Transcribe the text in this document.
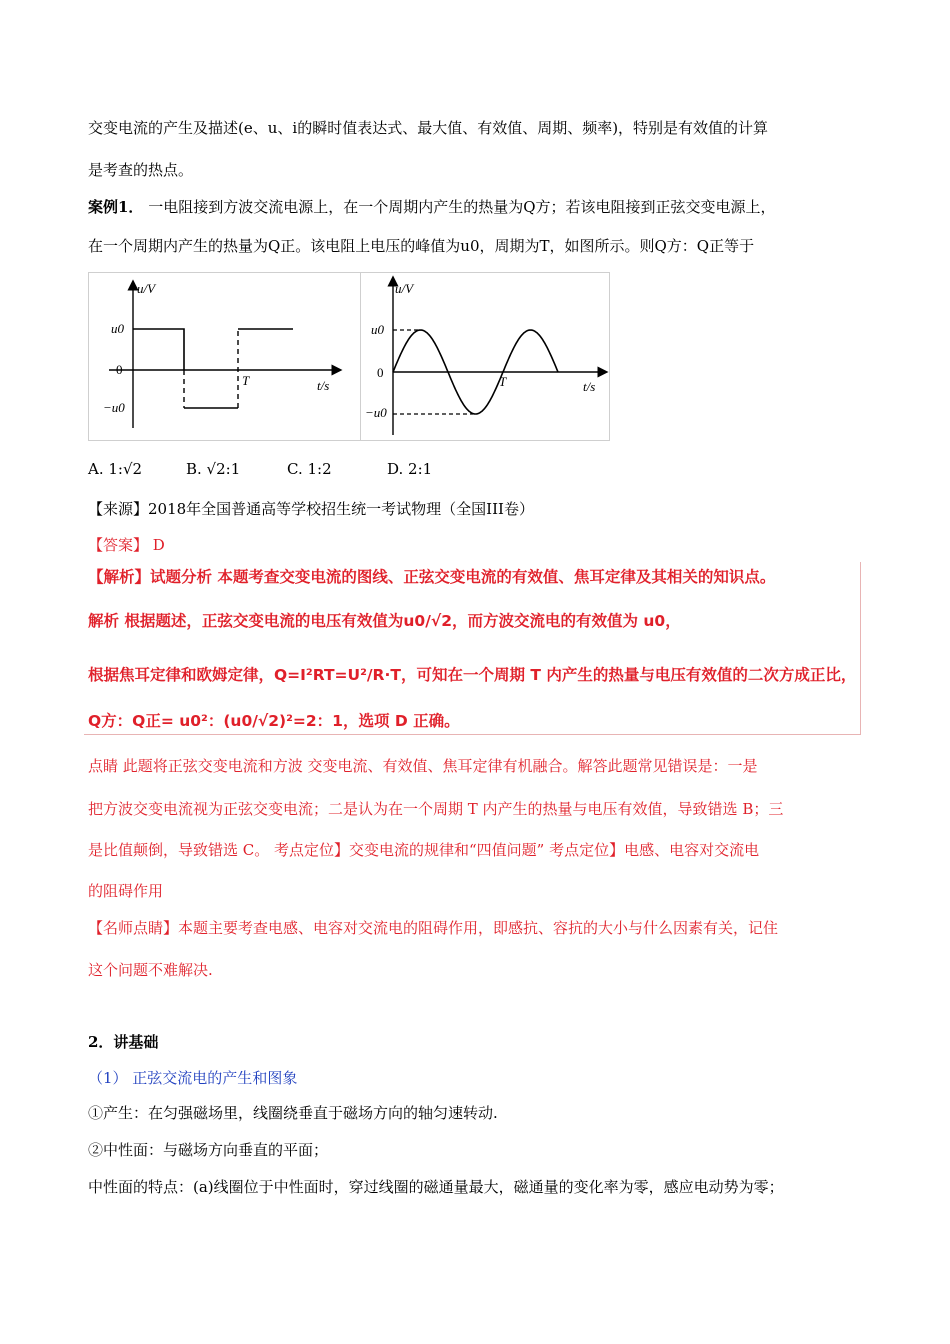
交变电流的产生及描述(e、u、i的瞬时值表达式、最大值、有效值、周期、频率)，特别是有效值的计算
是考查的热点。
案例1． 一电阻接到方波交流电源上，在一个周期内产生的热量为Q方；若该电阻接到正弦交变电源上，
在一个周期内产生的热量为Q正。该电阻上电压的峰值为u0，周期为T，如图所示。则Q方：Q正等于
u/V
u0
0
−u0
T	t/s
u/V
u0
0
−u0
T	t/s
A. 1:√2	B. √2:1	C. 1:2	D. 2:1
【来源】2018年全国普通高等学校招生统一考试物理（全国III卷）
【答案】 D
【解析】试题分析 本题考查交变电流的图线、正弦交变电流的有效值、焦耳定律及其相关的知识点。
解析 根据题述，正弦交变电流的电压有效值为u0/√2，而方波交流电的有效值为 u0，
根据焦耳定律和欧姆定律，Q=I²RT=U²/R·T，可知在一个周期 T 内产生的热量与电压有效值的二次方成正比，
Q方：Q正= u0²：(u0/√2)²=2：1，选项 D 正确。
点睛 此题将正弦交变电流和方波 交变电流、有效值、焦耳定律有机融合。解答此题常见错误是：一是
把方波交变电流视为正弦交变电流；二是认为在一个周期 T 内产生的热量与电压有效值，导致错选 B；三
是比值颠倒，导致错选 C。 考点定位】交变电流的规律和“四值问题” 考点定位】电感、电容对交流电
的阻碍作用
【名师点睛】本题主要考查电感、电容对交流电的阻碍作用，即感抗、容抗的大小与什么因素有关，记住
这个问题不难解决.
2．讲基础
（1） 正弦交流电的产生和图象
①产生：在匀强磁场里，线圈绕垂直于磁场方向的轴匀速转动.
②中性面：与磁场方向垂直的平面；
中性面的特点：(a)线圈位于中性面时，穿过线圈的磁通量最大，磁通量的变化率为零，感应电动势为零；
